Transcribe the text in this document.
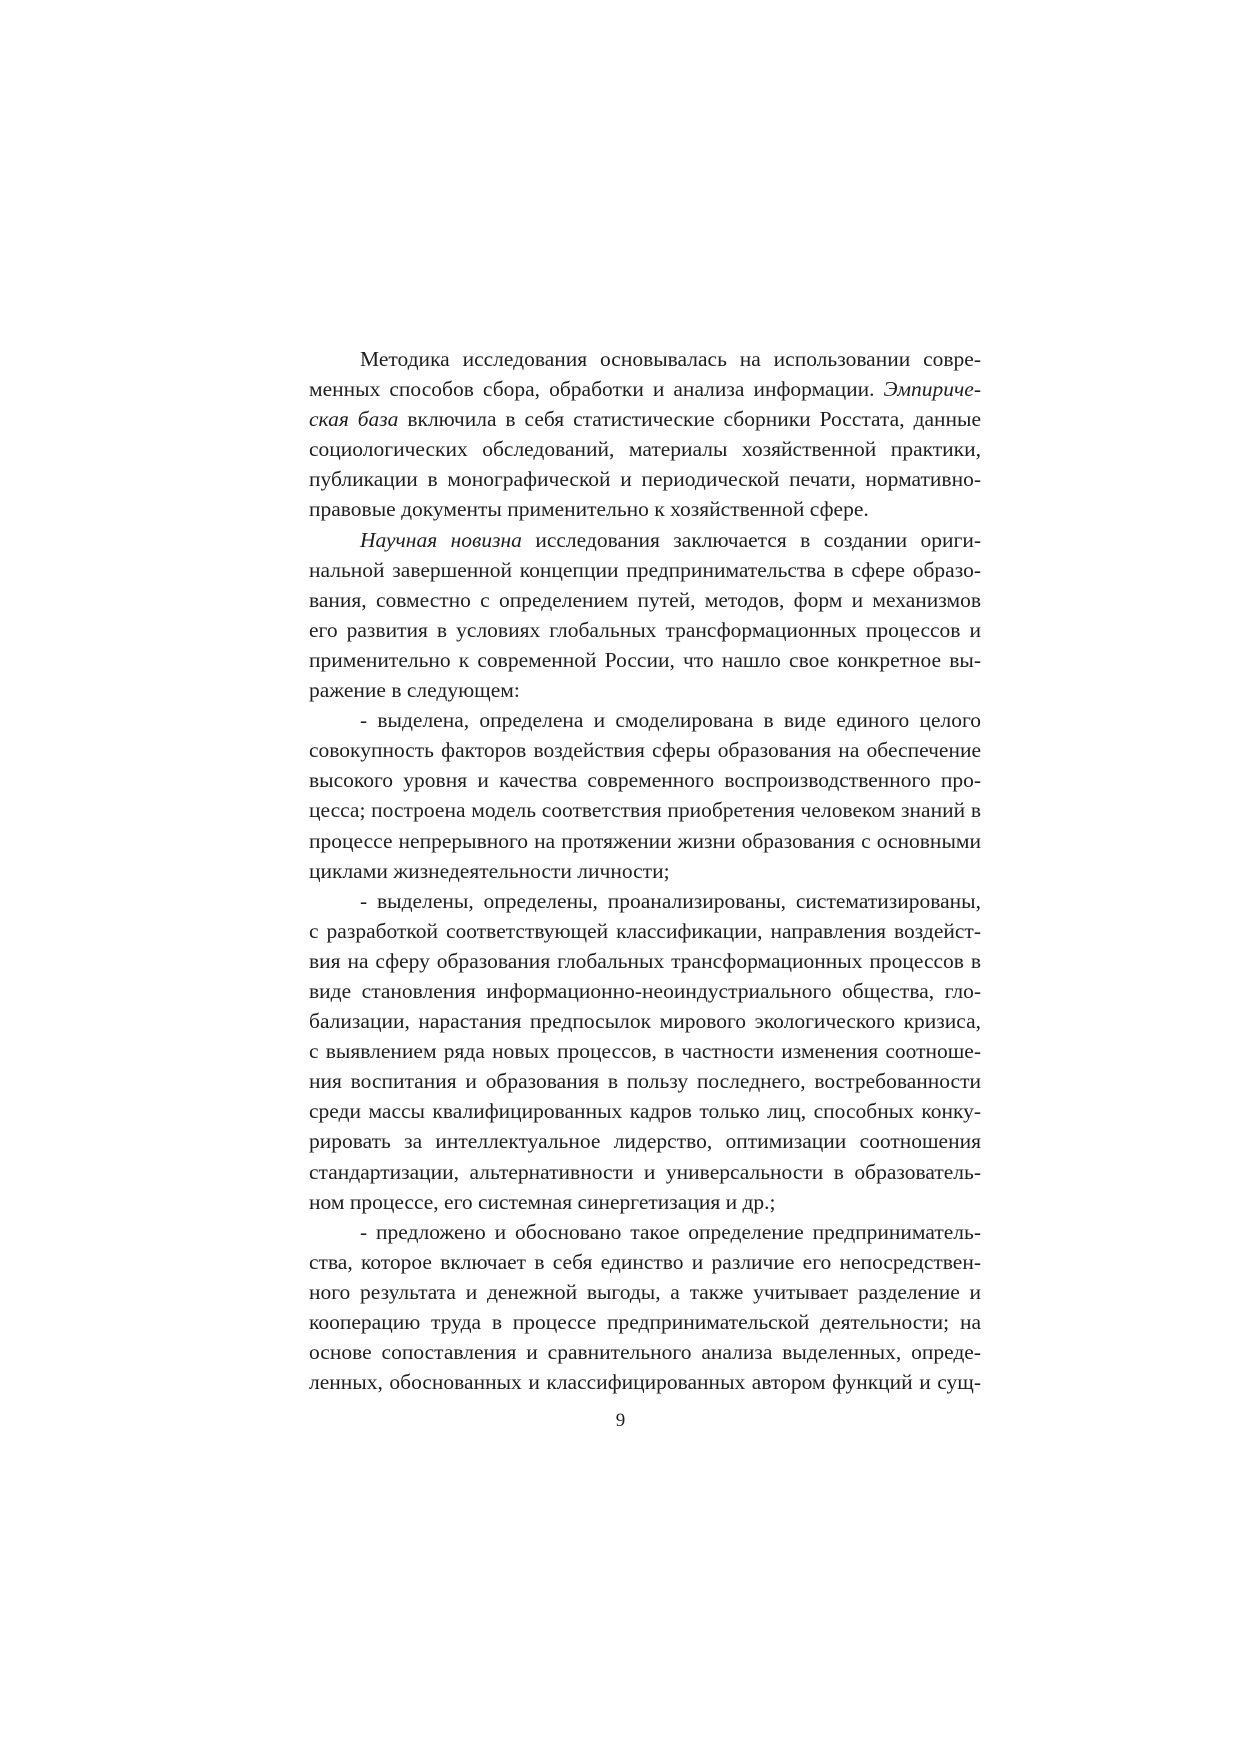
Методика исследования основывалась на использовании совре-
менных способов сбора, обработки и анализа информации. Эмпириче-
ская база включила в себя статистические сборники Росстата, данные
социологических обследований, материалы хозяйственной практики,
публикации в монографической и периодической печати, нормативно-
правовые документы применительно к хозяйственной сфере.
Научная новизна исследования заключается в создании ориги-
нальной завершенной концепции предпринимательства в сфере образо-
вания, совместно с определением путей, методов, форм и механизмов
его развития в условиях глобальных трансформационных процессов и
применительно к современной России, что нашло свое конкретное вы-
ражение в следующем:
- выделена, определена и смоделирована в виде единого целого
совокупность факторов воздействия сферы образования на обеспечение
высокого уровня и качества современного воспроизводственного про-
цесса; построена модель соответствия приобретения человеком знаний в
процессе непрерывного на протяжении жизни образования с основными
циклами жизнедеятельности личности;
- выделены, определены, проанализированы, систематизированы,
с разработкой соответствующей классификации, направления воздейст-
вия на сферу образования глобальных трансформационных процессов в
виде становления информационно-неоиндустриального общества, гло-
бализации, нарастания предпосылок мирового экологического кризиса,
с выявлением ряда новых процессов, в частности изменения соотноше-
ния воспитания и образования в пользу последнего, востребованности
среди массы квалифицированных кадров только лиц, способных конку-
рировать за интеллектуальное лидерство, оптимизации соотношения
стандартизации, альтернативности и универсальности в образователь-
ном процессе, его системная синергетизация и др.;
- предложено и обосновано такое определение предприниматель-
ства, которое включает в себя единство и различие его непосредствен-
ного результата и денежной выгоды, а также учитывает разделение и
кооперацию труда в процессе предпринимательской деятельности; на
основе сопоставления и сравнительного анализа выделенных, опреде-
ленных, обоснованных и классифицированных автором функций и сущ-
9
